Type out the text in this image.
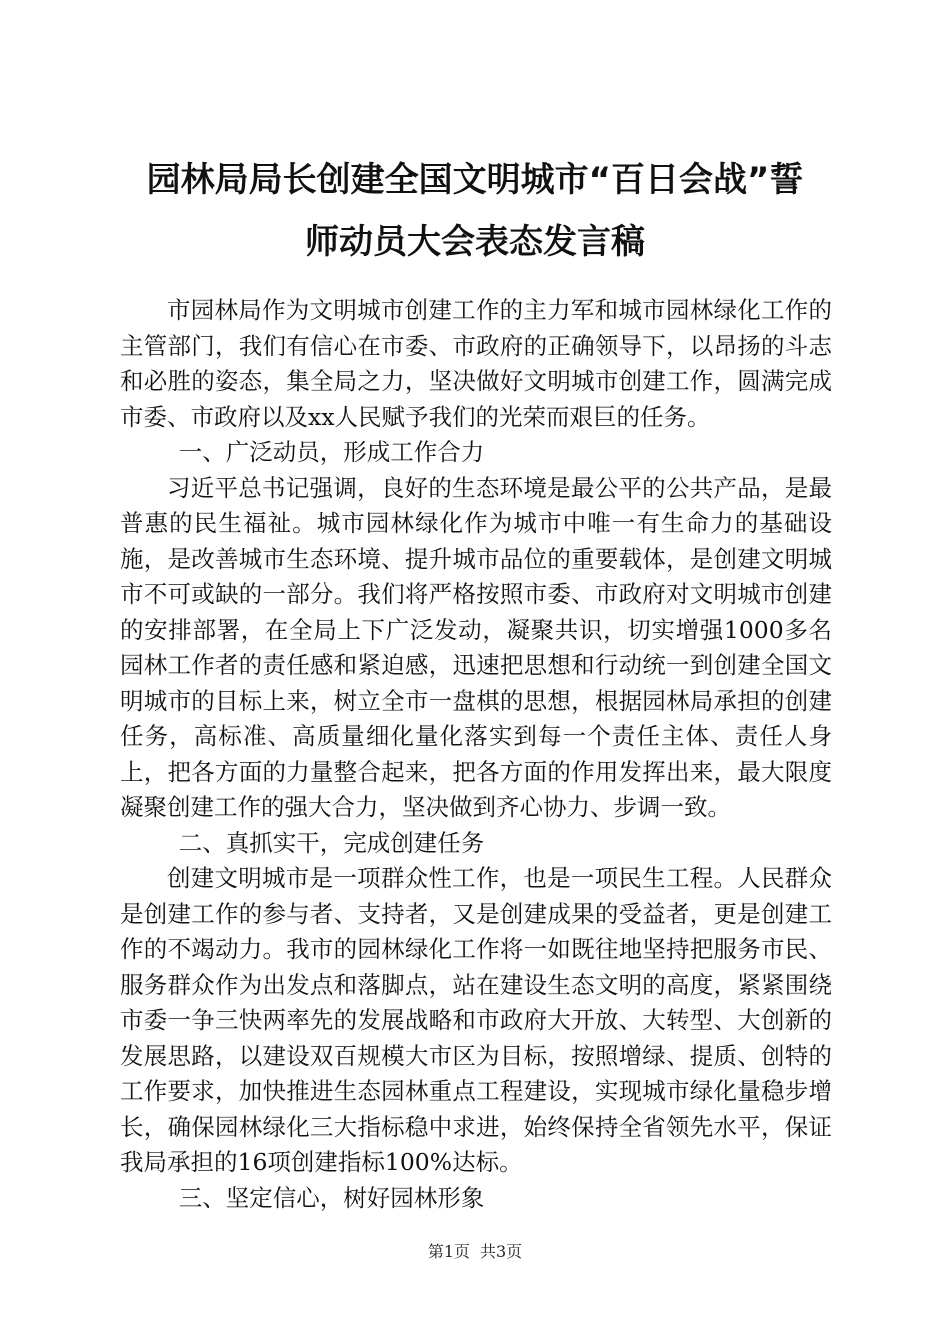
园林局局长创建全国文明城市“百日会战”誓
师动员大会表态发言稿

市园林局作为文明城市创建工作的主力军和城市园林绿化工作的主管部门，我们有信心在市委、市政府的正确领导下，以昂扬的斗志和必胜的姿态，集全局之力，坚决做好文明城市创建工作，圆满完成市委、市政府以及xx人民赋予我们的光荣而艰巨的任务。

一、广泛动员，形成工作合力

习近平总书记强调，良好的生态环境是最公平的公共产品，是最普惠的民生福祉。城市园林绿化作为城市中唯一有生命力的基础设施，是改善城市生态环境、提升城市品位的重要载体，是创建文明城市不可或缺的一部分。我们将严格按照市委、市政府对文明城市创建的安排部署，在全局上下广泛发动，凝聚共识，切实增强1000多名园林工作者的责任感和紧迫感，迅速把思想和行动统一到创建全国文明城市的目标上来，树立全市一盘棋的思想，根据园林局承担的创建任务，高标准、高质量细化量化落实到每一个责任主体、责任人身上，把各方面的力量整合起来，把各方面的作用发挥出来，最大限度凝聚创建工作的强大合力，坚决做到齐心协力、步调一致。

二、真抓实干，完成创建任务

创建文明城市是一项群众性工作，也是一项民生工程。人民群众是创建工作的参与者、支持者，又是创建成果的受益者，更是创建工作的不竭动力。我市的园林绿化工作将一如既往地坚持把服务市民、服务群众作为出发点和落脚点，站在建设生态文明的高度，紧紧围绕市委一争三快两率先的发展战略和市政府大开放、大转型、大创新的发展思路，以建设双百规模大市区为目标，按照增绿、提质、创特的工作要求，加快推进生态园林重点工程建设，实现城市绿化量稳步增长，确保园林绿化三大指标稳中求进，始终保持全省领先水平，保证我局承担的16项创建指标100%达标。

三、坚定信心，树好园林形象

第1页 共3页
